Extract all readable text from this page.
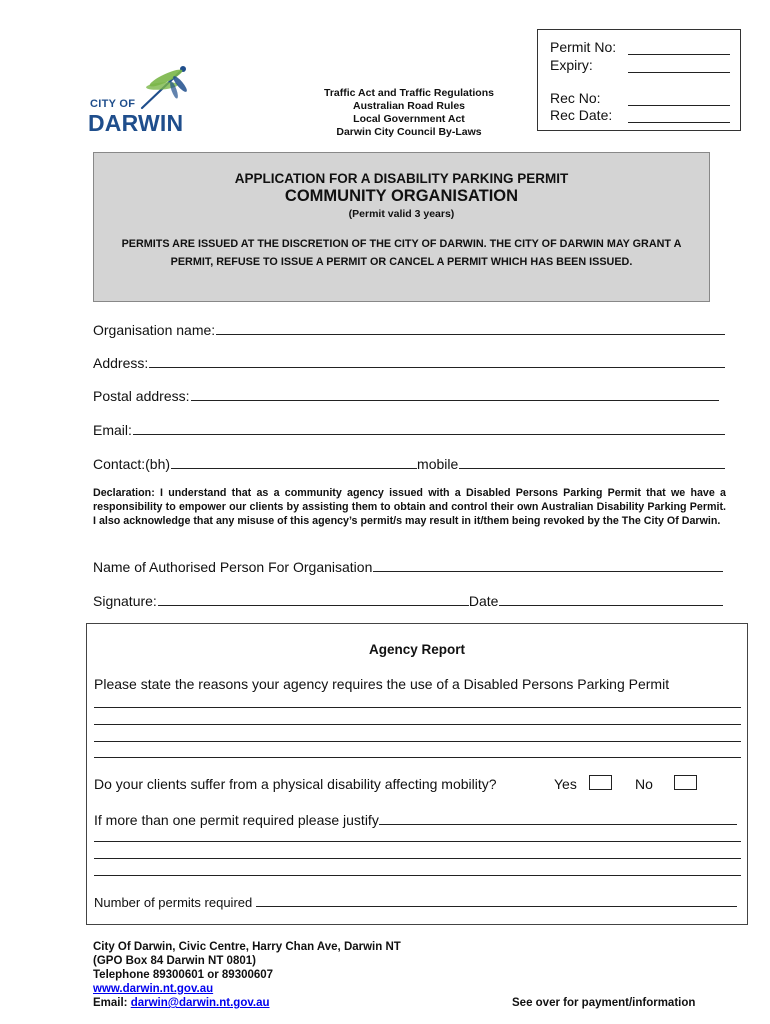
CITY OF
DARWIN
Traffic Act and Traffic Regulations
Australian Road Rules
Local Government Act
Darwin City Council By-Laws
Permit No:
Expiry:
Rec No:
Rec Date:
APPLICATION FOR A DISABILITY PARKING PERMIT
COMMUNITY ORGANISATION
(Permit valid 3 years)
PERMITS ARE ISSUED AT THE DISCRETION OF THE CITY OF DARWIN. THE CITY OF DARWIN MAY GRANT A PERMIT, REFUSE TO ISSUE A PERMIT OR CANCEL A PERMIT WHICH HAS BEEN ISSUED.
Organisation name:
Address:
Postal address:
Email:
Contact:(bh)	mobile
Declaration: I understand that as a community agency issued with a Disabled Persons Parking Permit that we have a responsibility to empower our clients by assisting them to obtain and control their own Australian Disability Parking Permit. I also acknowledge that any misuse of this agency’s permit/s may result in it/them being revoked by the The City Of Darwin.
Name of Authorised Person For Organisation
Signature:	Date
Agency Report
Please state the reasons your agency requires the use of a Disabled Persons Parking Permit
Do your clients suffer from a physical disability affecting mobility?	Yes	No
If more than one permit required please justify
Number of permits required
City Of Darwin, Civic Centre, Harry Chan Ave, Darwin NT
(GPO Box 84 Darwin NT 0801)
Telephone 89300601 or 89300607
www.darwin.nt.gov.au
Email: darwin@darwin.nt.gov.au	See over for payment/information
